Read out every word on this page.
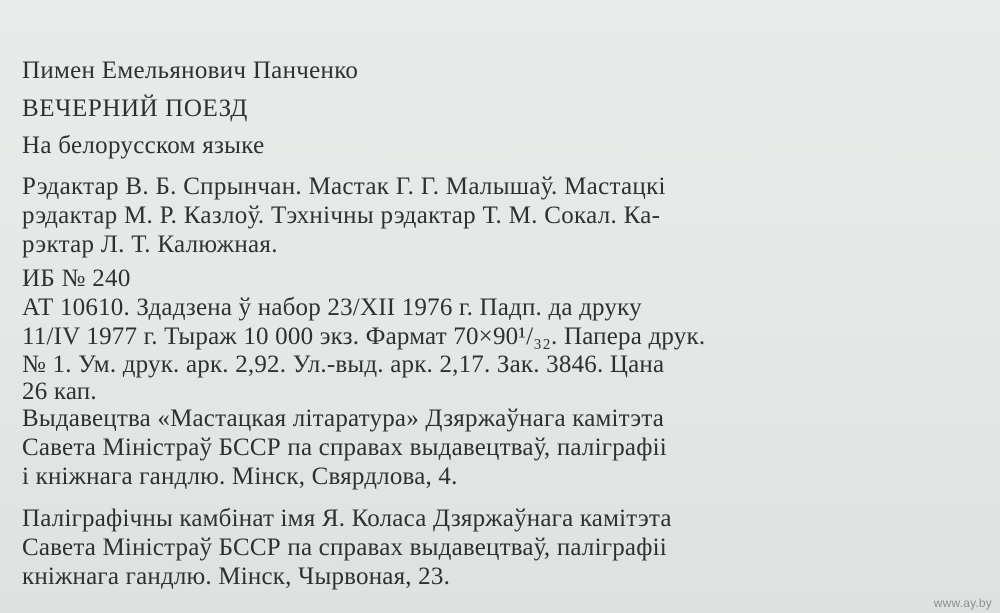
Пимен Емельянович Панченко
ВЕЧЕРНИЙ ПОЕЗД
На белорусском языке
Рэдактар В. Б. Спрынчан. Мастак Г. Г. Малышаў. Мастацкі
рэдактар М. Р. Казлоў. Тэхнічны рэдактар Т. М. Сокал. Ка-
рэктар Л. Т. Калюжная.
ИБ № 240
АТ 10610. Здадзена ў набор 23/XII 1976 г. Падп. да друку
11/IV 1977 г. Тыраж 10 000 экз. Фармат 70×90¹/₃₂. Папера друк.
№ 1. Ум. друк. арк. 2,92. Ул.-выд. арк. 2,17. Зак. 3846. Цана
26 кап.
Выдавецтва «Мастацкая літаратура» Дзяржаўнага камітэта
Савета Міністраў БССР па справах выдавецтваў, паліграфіі
і кніжнага гандлю. Мінск, Свярдлова, 4.
Паліграфічны камбінат імя Я. Коласа Дзяржаўнага камітэта
Савета Міністраў БССР па справах выдавецтваў, паліграфіі
кніжнага гандлю. Мінск, Чырвоная, 23.
www.ay.by
